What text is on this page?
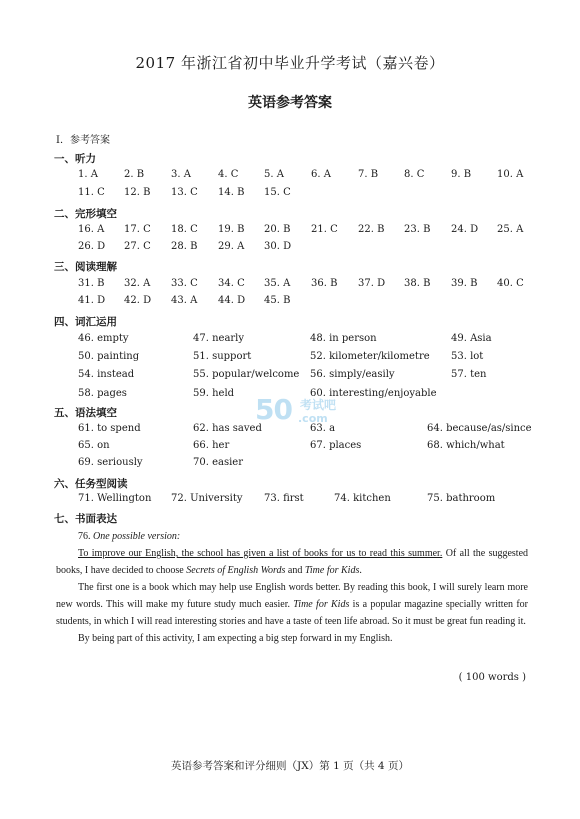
2017 年浙江省初中毕业升学考试（嘉兴卷）
英语参考答案
Ⅰ．参考答案
一、听力
二、完形填空
三、阅读理解
四、词汇运用
五、语法填空
六、任务型阅读
七、书面表达
1. A	2. B	3. A	4. C	5. A	6. A	7. B	8. C	9. B	10. A
11. C 12. B 13. C 14. B 15. C
16. A 17. C 18. C 19. B 20. B 21. C 22. B 23. B 24. D 25. A
26. D 27. C 28. B 29. A 30. D
31. B 32. A 33. C 34. C 35. A 36. B 37. D 38. B 39. B 40. C
41. D 42. D 43. A 44. D 45. B
46. empty	47. nearly	48. in person	49. Asia
50. painting	51. support	52. kilometer/kilometre 53. lot
54. instead	55. popular/welcome 56. simply/easily	57. ten
58. pages	59. held	60. interesting/enjoyable
61. to spend	62. has saved	63. a	64. because/as/since
65. on	66. her	67. places	68. which/what
69. seriously	70. easier
71. Wellington 72. University 73. first	74. kitchen	75. bathroom
50 考试吧
.com

76. One possible version:

To improve our English, the school has given a list of books for us to read this summer. Of all the suggested books, I have decided to choose Secrets of English Words and Time for Kids.

The first one is a book which may help use English words better. By reading this book, I will surely learn more new words. This will make my future study much easier. Time for Kids is a popular magazine specially written for students, in which I will read interesting stories and have a taste of teen life abroad. So it must be great fun reading it.

By being part of this activity, I am expecting a big step forward in my English.

( 100 words )
英语参考答案和评分细则（JX）第 1 页（共 4 页）
